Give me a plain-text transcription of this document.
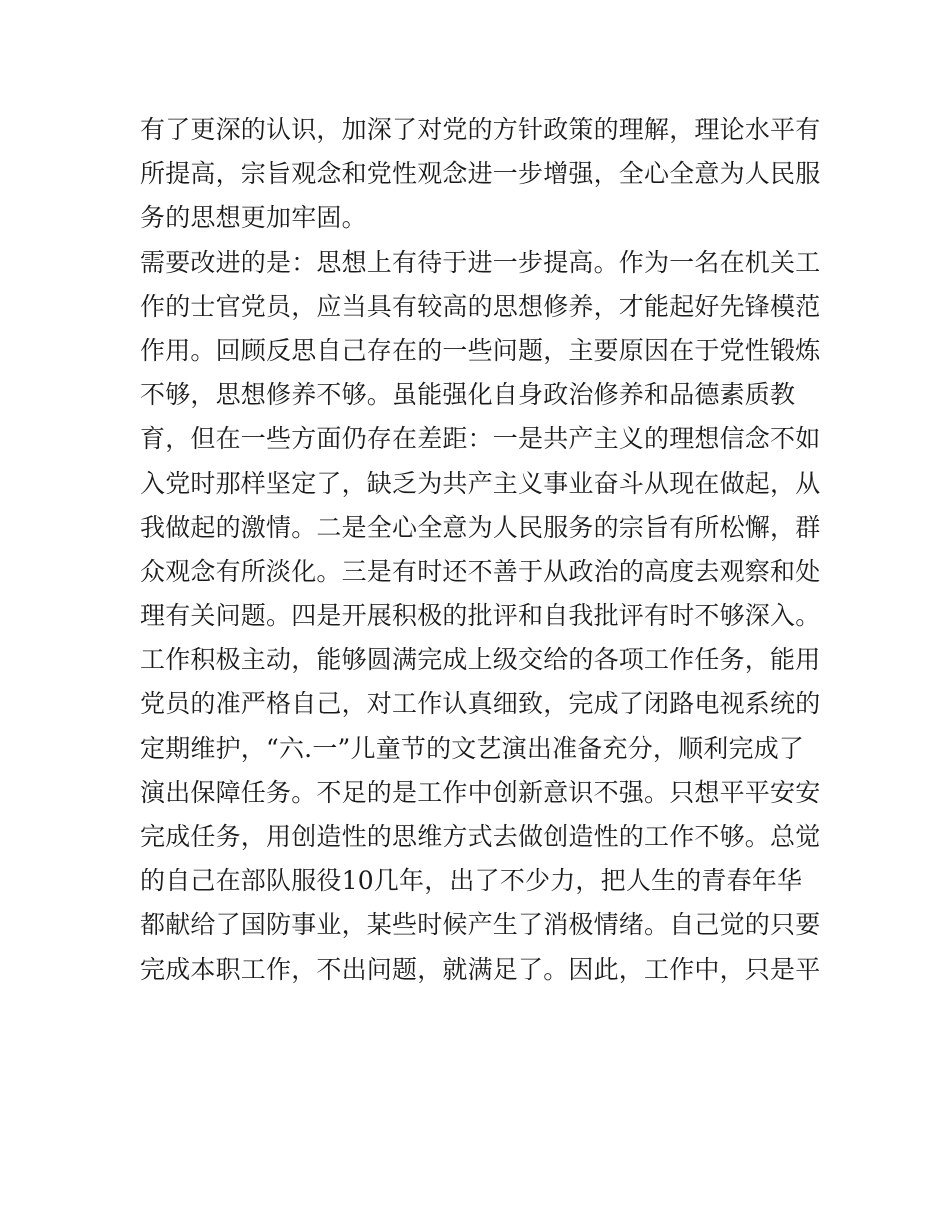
有了更深的认识，加深了对党的方针政策的理解，理论水平有
所提高，宗旨观念和党性观念进一步增强，全心全意为人民服
务的思想更加牢固。
需要改进的是：思想上有待于进一步提高。作为一名在机关工
作的士官党员，应当具有较高的思想修养，才能起好先锋模范
作用。回顾反思自己存在的一些问题，主要原因在于党性锻炼
不够，思想修养不够。虽能强化自身政治修养和品德素质教
育，但在一些方面仍存在差距：一是共产主义的理想信念不如
入党时那样坚定了，缺乏为共产主义事业奋斗从现在做起，从
我做起的激情。二是全心全意为人民服务的宗旨有所松懈，群
众观念有所淡化。三是有时还不善于从政治的高度去观察和处
理有关问题。四是开展积极的批评和自我批评有时不够深入。
工作积极主动，能够圆满完成上级交给的各项工作任务，能用
党员的准严格自己，对工作认真细致，完成了闭路电视系统的
定期维护，“六.一”儿童节的文艺演出准备充分，顺利完成了
演出保障任务。不足的是工作中创新意识不强。只想平平安安
完成任务，用创造性的思维方式去做创造性的工作不够。总觉
的自己在部队服役10几年，出了不少力，把人生的青春年华
都献给了国防事业，某些时候产生了消极情绪。自己觉的只要
完成本职工作，不出问题，就满足了。因此，工作中，只是平
